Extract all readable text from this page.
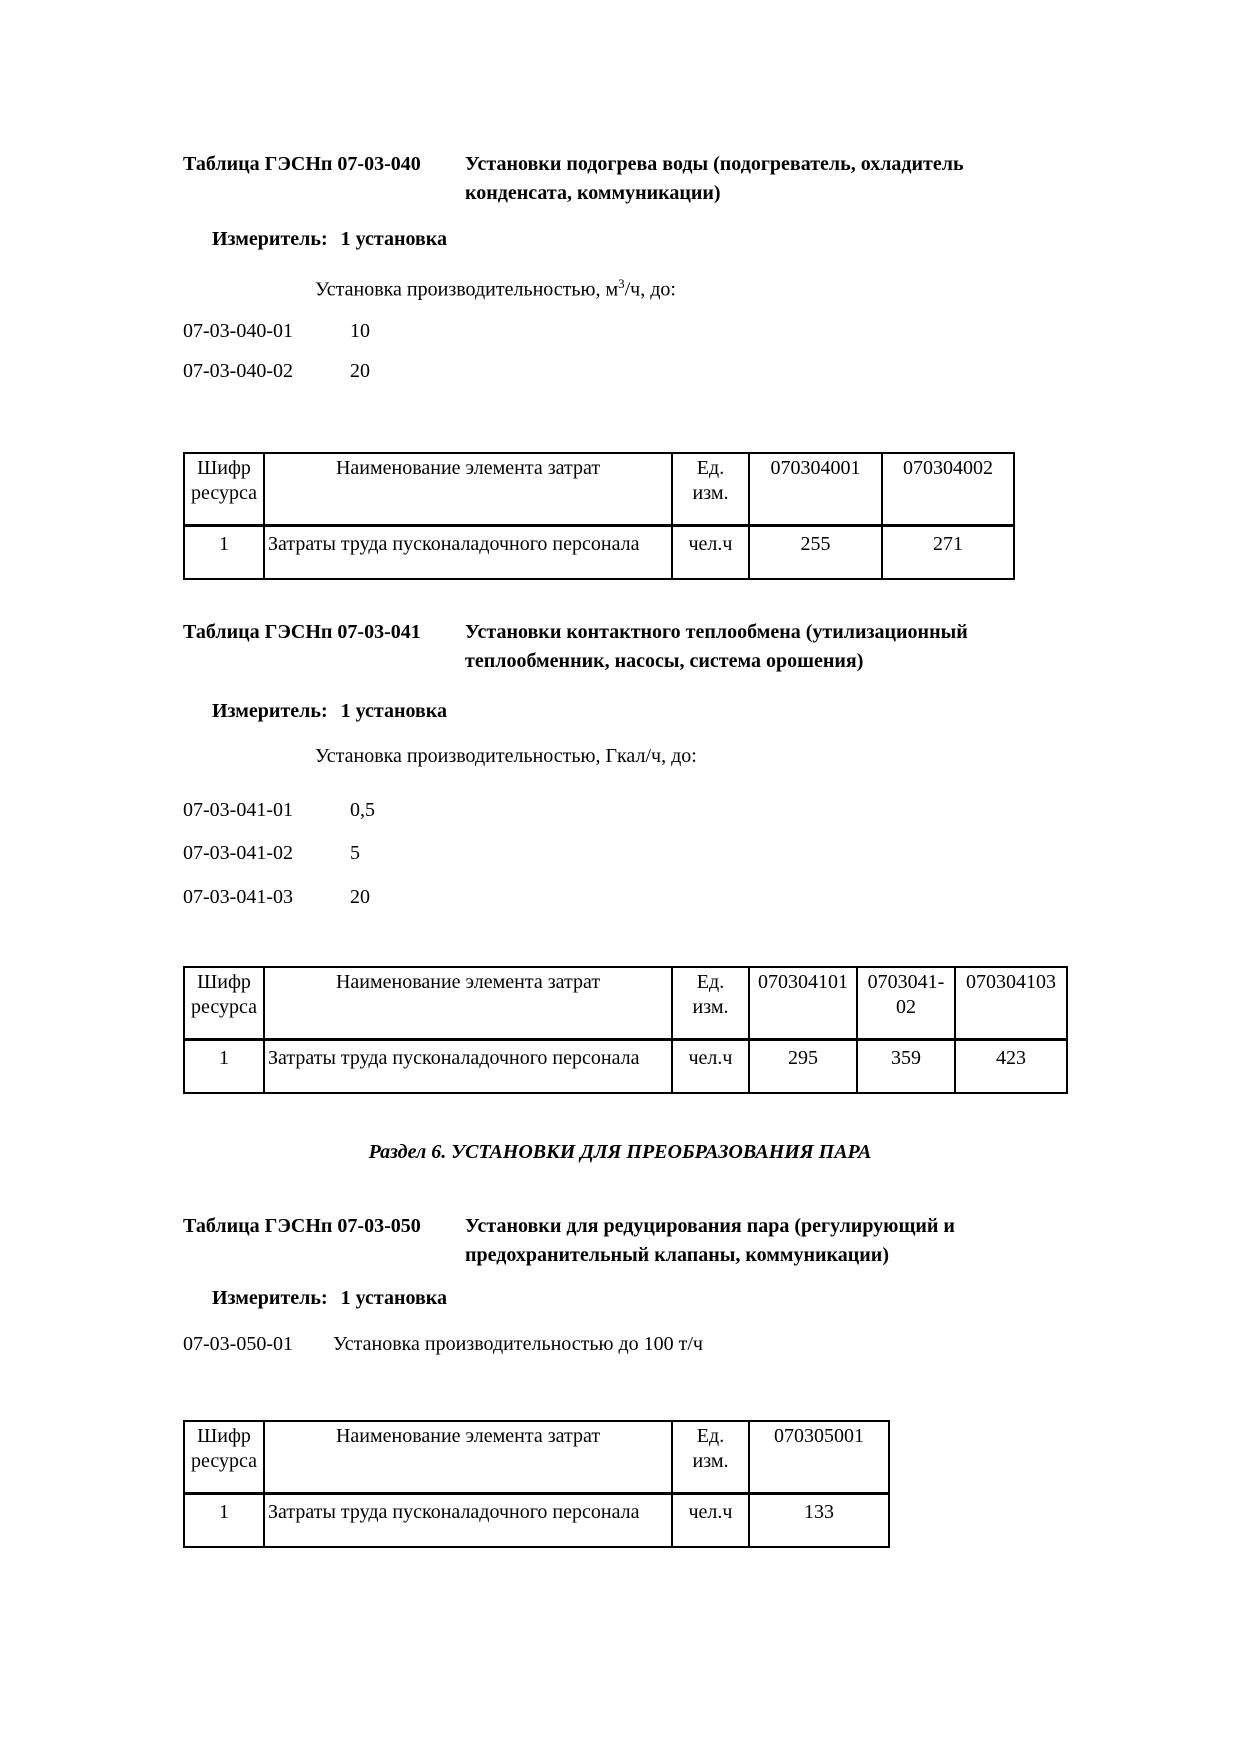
Таблица ГЭСНп 07-03-040	Установки подогрева воды (подогреватель, охладитель конденсата, коммуникации)
Измеритель: 1 установка
Установка производительностью, $м^3/ч$, до:
07-03-040-01	10
07-03-040-02	20
Шифр ресурса	Наименование элемента затрат	Ед. изм.	070304001	070304002
1	Затраты труда пусконаладочного персонала	чел.ч	255	271
Таблица ГЭСНп 07-03-041	Установки контактного теплообмена (утилизационный теплообменник, насосы, система орошения)
Измеритель: 1 установка
Установка производительностью, Гкал/ч, до:
07-03-041-01	0,5
07-03-041-02	5
07-03-041-03	20
Шифр ресурса	Наименование элемента затрат	Ед. изм.	070304101	0703041-02	070304103
1	Затраты труда пусконаладочного персонала	чел.ч	295	359	423
Раздел 6. УСТАНОВКИ ДЛЯ ПРЕОБРАЗОВАНИЯ ПАРА
Таблица ГЭСНп 07-03-050	Установки для редуцирования пара (регулирующий и предохранительный клапаны, коммуникации)
Измеритель: 1 установка
07-03-050-01	Установка производительностью до 100 т/ч
Шифр ресурса	Наименование элемента затрат	Ед. изм.	070305001
1	Затраты труда пусконаладочного персонала	чел.ч	133
